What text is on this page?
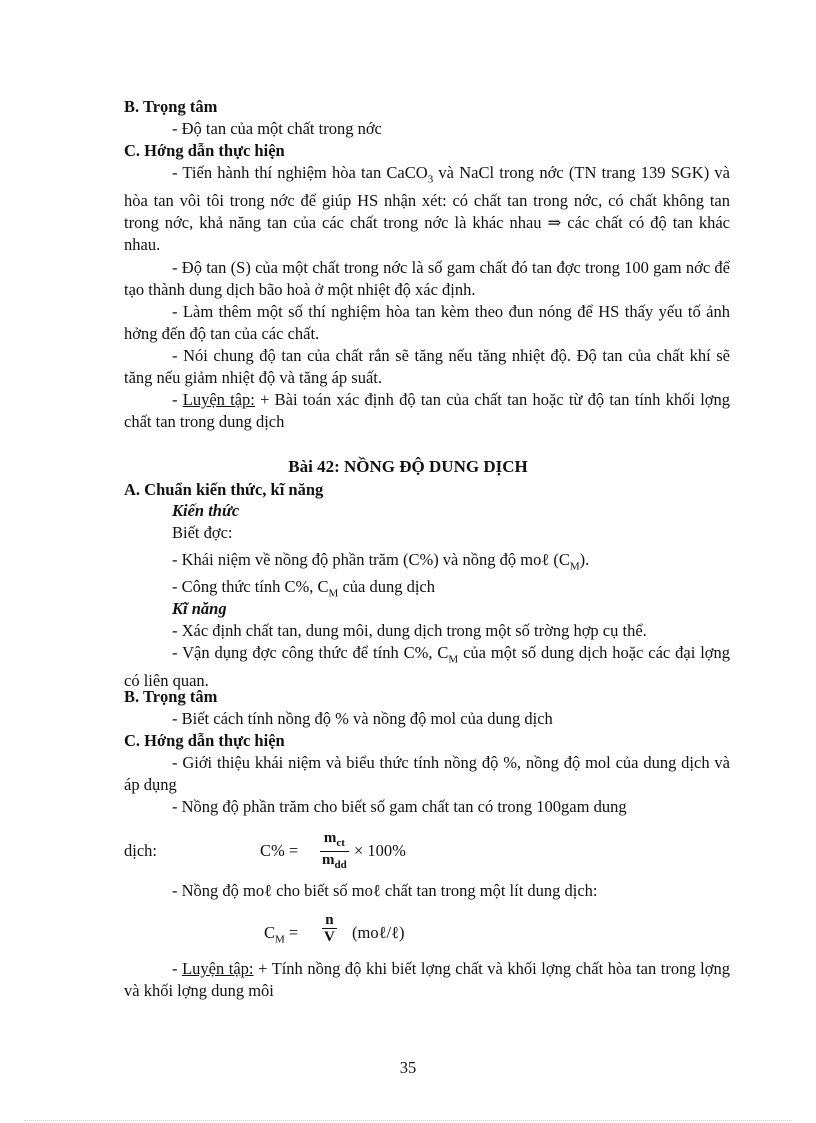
B. Trọng tâm
- Độ tan của một chất trong nớc
C. Hớng dẫn thực hiện
- Tiến hành thí nghiệm hòa tan CaCO$_3$ và NaCl trong nớc (TN trang 139 SGK) và hòa tan vôi tôi trong nớc để giúp HS nhận xét: có chất tan trong nớc, có chất không tan trong nớc, khả năng tan của các chất trong nớc là khác nhau ⇒ các chất có độ tan khác nhau.
- Độ tan (S) của một chất trong nớc là số gam chất đó tan đợc trong 100 gam nớc để tạo thành dung dịch bão hoà ở một nhiệt độ xác định.
- Làm thêm một số thí nghiệm hòa tan kèm theo đun nóng để HS thấy yếu tố ảnh hởng đến độ tan của các chất.
- Nói chung độ tan của chất rắn sẽ tăng nếu tăng nhiệt độ. Độ tan của chất khí sẽ tăng nếu giảm nhiệt độ và tăng áp suất.
- Luyện tập: + Bài toán xác định độ tan của chất tan hoặc từ độ tan tính khối lợng chất tan trong dung dịch
Bài 42: NỒNG ĐỘ DUNG DỊCH
A. Chuẩn kiến thức, kĩ năng
Kiến thức
Biết đợc:
- Khái niệm về nồng độ phần trăm (C%) và nồng độ moℓ $(C_M)$.
- Công thức tính C%, $C_M$ của dung dịch
Kĩ năng
- Xác định chất tan, dung môi, dung dịch trong một số trờng hợp cụ thể.
- Vận dụng đợc công thức để tính C%, $C_M$ của một số dung dịch hoặc các đại lợng có liên quan.
B. Trọng tâm
- Biết cách tính nồng độ % và nồng độ mol của dung dịch
C. Hớng dẫn thực hiện
- Giới thiệu khái niệm và biểu thức tính nồng độ %, nồng độ mol của dung dịch và áp dụng
- Nồng độ phần trăm cho biết số gam chất tan có trong 100gam dung
dịch:	C% =
$m_{ct}$
$m_{dd}$
× 100%
- Nồng độ moℓ cho biết số moℓ chất tan trong một lít dung dịch:
$C_M = \frac{n}{V}$ (moℓ/ℓ)
- Luyện tập: + Tính nồng độ khi biết lợng chất và khối lợng chất hòa tan trong lợng và khối lợng dung môi
35
